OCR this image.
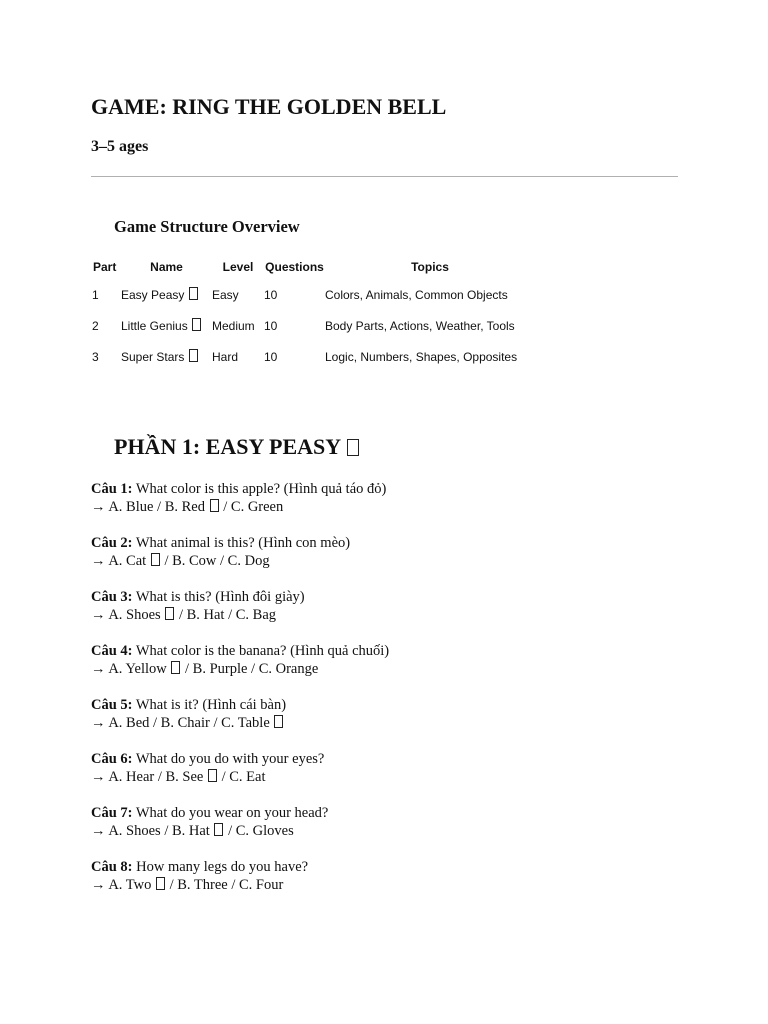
GAME: RING THE GOLDEN BELL
3–5 ages
Game Structure Overview
Part	Name	Level	Questions	Topics
1	Easy Peasy	Easy	10	Colors, Animals, Common Objects
2	Little Genius	Medium	10	Body Parts, Actions, Weather, Tools
3	Super Stars	Hard	10	Logic, Numbers, Shapes, Opposites
PHẦN 1: EASY PEASY
Câu 1: What color is this apple? (Hình quả táo đỏ)
→ A. Blue / B. Red / C. Green
Câu 2: What animal is this? (Hình con mèo)
→ A. Cat / B. Cow / C. Dog
Câu 3: What is this? (Hình đôi giày)
→ A. Shoes / B. Hat / C. Bag
Câu 4: What color is the banana? (Hình quả chuối)
→ A. Yellow / B. Purple / C. Orange
Câu 5: What is it? (Hình cái bàn)
→ A. Bed / B. Chair / C. Table
Câu 6: What do you do with your eyes?
→ A. Hear / B. See / C. Eat
Câu 7: What do you wear on your head?
→ A. Shoes / B. Hat / C. Gloves
Câu 8: How many legs do you have?
→ A. Two / B. Three / C. Four
